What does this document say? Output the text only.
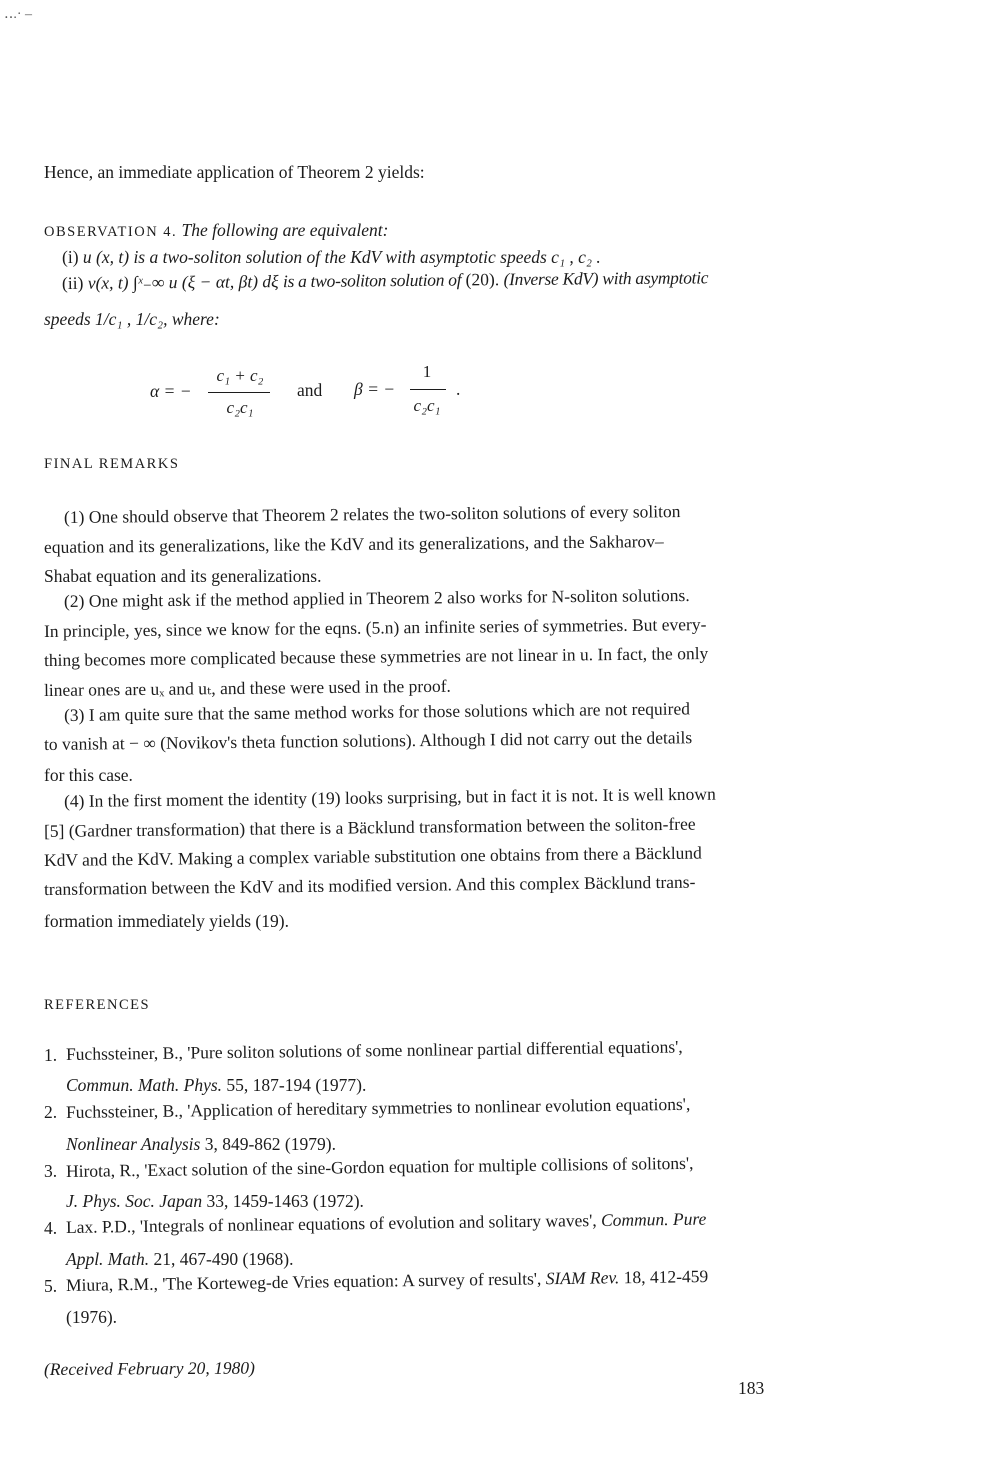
‥.· ‒
Hence, an immediate application of Theorem 2 yields:
OBSERVATION 4. The following are equivalent:
(i) u (x, t) is a two-soliton solution of the KdV with asymptotic speeds c₁ , c₂ .
(ii) v(x, t) ∫ˣ₋∞ u (ξ − αt, βt) dξ is a two-soliton solution of (20). (Inverse KdV) with asymptotic
speeds 1/c₁ , 1/c₂, where:
α = −
c₁ + c₂
c₂c₁
and β = −
1
c₂c₁
.
FINAL REMARKS
(1) One should observe that Theorem 2 relates the two-soliton solutions of every soliton
equation and its generalizations, like the KdV and its generalizations, and the Sakharov–
Shabat equation and its generalizations.
(2) One might ask if the method applied in Theorem 2 also works for N-soliton solutions.
In principle, yes, since we know for the eqns. (5.n) an infinite series of symmetries. But every-
thing becomes more complicated because these symmetries are not linear in u. In fact, the only
linear ones are uₓ and uₜ, and these were used in the proof.
(3) I am quite sure that the same method works for those solutions which are not required
to vanish at − ∞ (Novikov's theta function solutions). Although I did not carry out the details
for this case.
(4) In the first moment the identity (19) looks surprising, but in fact it is not. It is well known
[5] (Gardner transformation) that there is a Bäcklund transformation between the soliton-free
KdV and the KdV. Making a complex variable substitution one obtains from there a Bäcklund
transformation between the KdV and its modified version. And this complex Bäcklund trans-
formation immediately yields (19).
REFERENCES
1. Fuchssteiner, B., 'Pure soliton solutions of some nonlinear partial differential equations',
Commun. Math. Phys. 55, 187-194 (1977).
2. Fuchssteiner, B., 'Application of hereditary symmetries to nonlinear evolution equations',
Nonlinear Analysis 3, 849-862 (1979).
3. Hirota, R., 'Exact solution of the sine-Gordon equation for multiple collisions of solitons',
J. Phys. Soc. Japan 33, 1459-1463 (1972).
4. Lax. P.D., 'Integrals of nonlinear equations of evolution and solitary waves', Commun. Pure
Appl. Math. 21, 467-490 (1968).
5. Miura, R.M., 'The Korteweg-de Vries equation: A survey of results', SIAM Rev. 18, 412-459
(1976).
(Received February 20, 1980)
183
